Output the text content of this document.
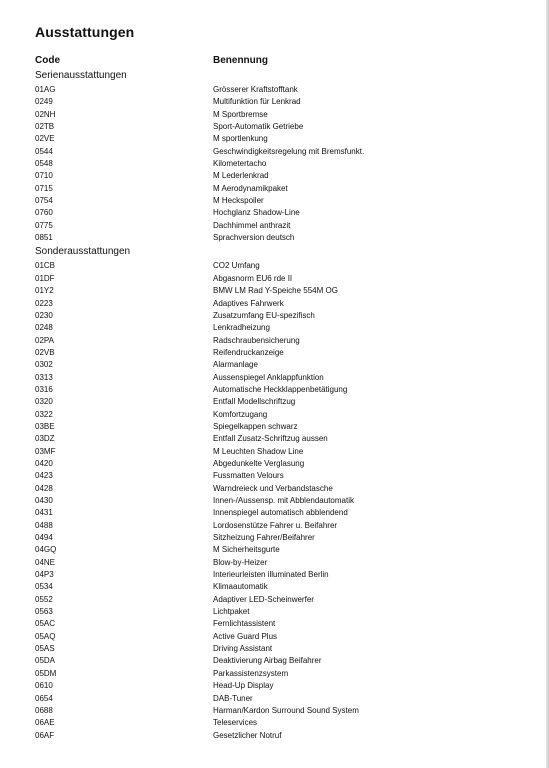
Ausstattungen
Code	Benennung
Serienausstattungen
01AG	Grösserer Kraftstofftank
0249	Multifunktion für Lenkrad
02NH	M Sportbremse
02TB	Sport-Automatik Getriebe
02VE	M sportlenkung
0544	Geschwindigkeitsregelung mit Bremsfunkt.
0548	Kilometertacho
0710	M Lederlenkrad
0715	M Aerodynamikpaket
0754	M Heckspoiler
0760	Hochglanz Shadow-Line
0775	Dachhimmel anthrazit
0851	Sprachversion deutsch
Sonderausstattungen
01CB	CO2 Umfang
01DF	Abgasnorm EU6 rde II
01Y2	BMW LM Rad Y-Speiche 554M OG
0223	Adaptives Fahrwerk
0230	Zusatzumfang EU-spezifisch
0248	Lenkradheizung
02PA	Radschraubensicherung
02VB	Reifendruckanzeige
0302	Alarmanlage
0313	Aussenspiegel Anklappfunktion
0316	Automatische Heckklappenbetätigung
0320	Entfall Modellschriftzug
0322	Komfortzugang
03BE	Spiegelkappen schwarz
03DZ	Entfall Zusatz-Schriftzug aussen
03MF	M Leuchten Shadow Line
0420	Abgedunkelte Verglasung
0423	Fussmatten Velours
0428	Warndreieck und Verbandstasche
0430	Innen-/Aussensp. mit Abblendautomatik
0431	Innenspiegel automatisch abblendend
0488	Lordosenstütze Fahrer u. Beifahrer
0494	Sitzheizung Fahrer/Beifahrer
04GQ	M Sicherheitsgurte
04NE	Blow-by-Heizer
04P3	Interieurleisten illuminated Berlin
0534	Klimaautomatik
0552	Adaptiver LED-Scheinwerfer
0563	Lichtpaket
05AC	Fernlichtassistent
05AQ	Active Guard Plus
05AS	Driving Assistant
05DA	Deaktivierung Airbag Beifahrer
05DM	Parkassistenzsystem
0610	Head-Up Display
0654	DAB-Tuner
0688	Harman/Kardon Surround Sound System
06AE	Teleservices
06AF	Gesetzlicher Notruf
